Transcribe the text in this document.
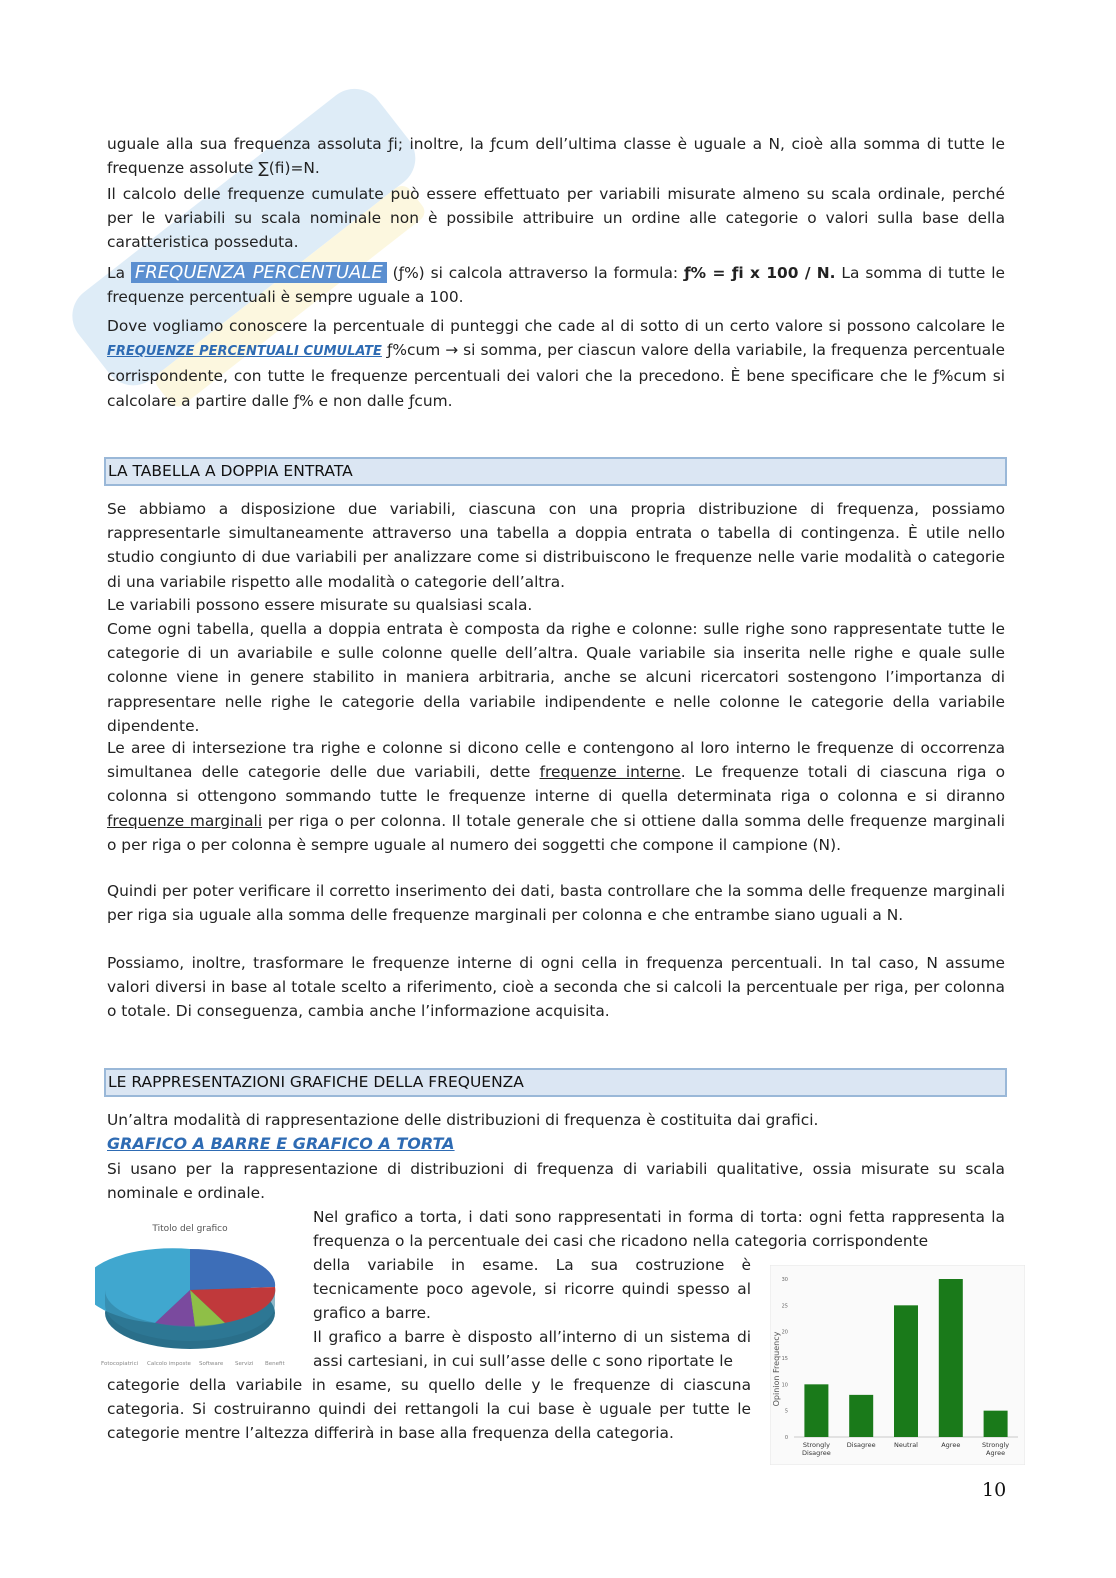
uguale alla sua frequenza assoluta ƒi; inoltre, la ƒcum dell’ultima classe è uguale a N, cioè alla somma di tutte le frequenze assolute ∑(fi)=N.

Il calcolo delle frequenze cumulate può essere effettuato per variabili misurate almeno su scala ordinale, perché per le variabili su scala nominale non è possibile attribuire un ordine alle categorie o valori sulla base della caratteristica posseduta.

La FREQUENZA PERCENTUALE (ƒ%) si calcola attraverso la formula: ƒ% = ƒi x 100 / N. La somma di tutte le frequenze percentuali è sempre uguale a 100.

Dove vogliamo conoscere la percentuale di punteggi che cade al di sotto di un certo valore si possono calcolare le FREQUENZE PERCENTUALI CUMULATE ƒ%cum → si somma, per ciascun valore della variabile, la frequenza percentuale corrispondente, con tutte le frequenze percentuali dei valori che la precedono. È bene specificare che le ƒ%cum si calcolare a partire dalle ƒ% e non dalle ƒcum.

LA TABELLA A DOPPIA ENTRATA

Se abbiamo a disposizione due variabili, ciascuna con una propria distribuzione di frequenza, possiamo rappresentarle simultaneamente attraverso una tabella a doppia entrata o tabella di contingenza. È utile nello studio congiunto di due variabili per analizzare come si distribuiscono le frequenze nelle varie modalità o categorie di una variabile rispetto alle modalità o categorie dell’altra.

Le variabili possono essere misurate su qualsiasi scala.

Come ogni tabella, quella a doppia entrata è composta da righe e colonne: sulle righe sono rappresentate tutte le categorie di un avariabile e sulle colonne quelle dell’altra. Quale variabile sia inserita nelle righe e quale sulle colonne viene in genere stabilito in maniera arbitraria, anche se alcuni ricercatori sostengono l’importanza di rappresentare nelle righe le categorie della variabile indipendente e nelle colonne le categorie della variabile dipendente.

Le aree di intersezione tra righe e colonne si dicono celle e contengono al loro interno le frequenze di occorrenza simultanea delle categorie delle due variabili, dette frequenze interne. Le frequenze totali di ciascuna riga o colonna si ottengono sommando tutte le frequenze interne di quella determinata riga o colonna e si diranno frequenze marginali per riga o per colonna. Il totale generale che si ottiene dalla somma delle frequenze marginali o per riga o per colonna è sempre uguale al numero dei soggetti che compone il campione (N).

Quindi per poter verificare il corretto inserimento dei dati, basta controllare che la somma delle frequenze marginali per riga sia uguale alla somma delle frequenze marginali per colonna e che entrambe siano uguali a N.

Possiamo, inoltre, trasformare le frequenze interne di ogni cella in frequenza percentuali. In tal caso, N assume valori diversi in base al totale scelto a riferimento, cioè a seconda che si calcoli la percentuale per riga, per colonna o totale. Di conseguenza, cambia anche l’informazione acquisita.

LE RAPPRESENTAZIONI GRAFICHE DELLA FREQUENZA

Un’altra modalità di rappresentazione delle distribuzioni di frequenza è costituita dai grafici.

GRAFICO A BARRE E GRAFICO A TORTA

Si usano per la rappresentazione di distribuzioni di frequenza di variabili qualitative, ossia misurate su scala nominale e ordinale.

Nel grafico a torta, i dati sono rappresentati in forma di torta: ogni fetta rappresenta la frequenza o la percentuale dei casi che ricadono nella categoria corrispondente

della variabile in esame. La sua costruzione è tecnicamente poco agevole, si ricorre quindi spesso al grafico a barre.

Il grafico a barre è disposto all’interno di un sistema di assi cartesiani, in cui sull’asse delle c sono riportate le

categorie della variabile in esame, su quello delle y le frequenze di ciascuna categoria. Si costruiranno quindi dei rettangoli la cui base è uguale per tutte le categorie mentre l’altezza differirà in base alla frequenza della categoria.

Titolo del grafico
Fotocopiatrici Calcolo imposte Software Servizi Benefit	Opinion Frequency
0
5
10
15
20
25
30
Strongly
Disagree
Disagree	Neutral	Agree	Strongly
Agree
10
